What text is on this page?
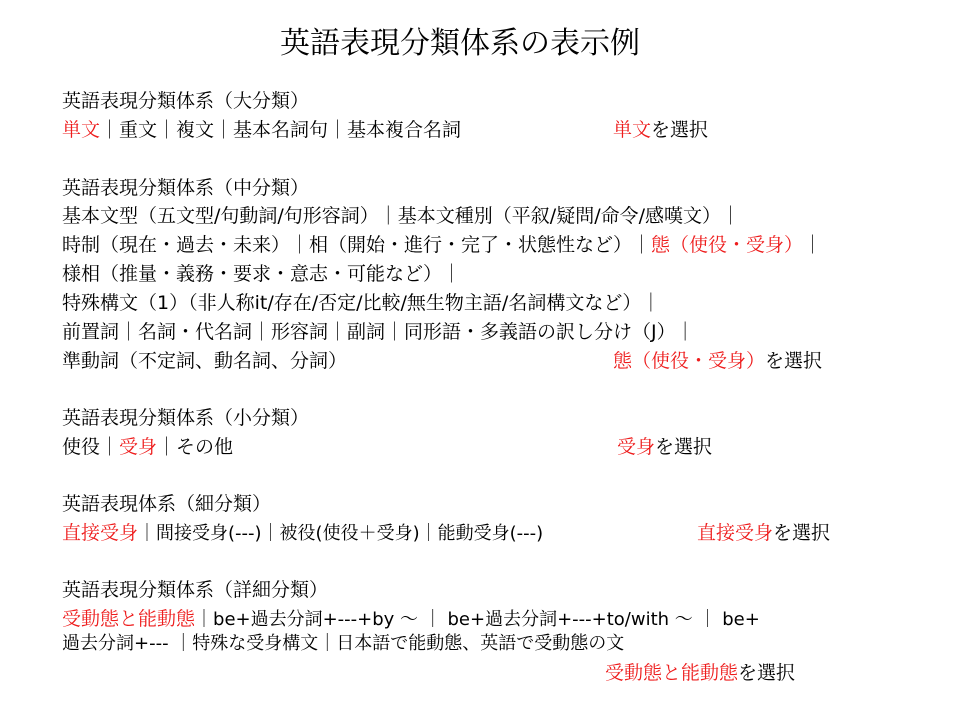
英語表現分類体系の表示例
英語表現分類体系（大分類）
単文｜重文｜複文｜基本名詞句｜基本複合名詞	単文を選択
英語表現分類体系（中分類）
基本文型（五文型/句動詞/句形容詞）｜基本文種別（平叙/疑問/命令/感嘆文）｜
時制（現在・過去・未来）｜相（開始・進行・完了・状態性など）｜態（使役・受身）｜
様相（推量・義務・要求・意志・可能など）｜
特殊構文（1）（非人称it/存在/否定/比較/無生物主語/名詞構文など）｜
前置詞｜名詞・代名詞｜形容詞｜副詞｜同形語・多義語の訳し分け（J）｜
準動詞（不定詞、動名詞、分詞）	態（使役・受身）を選択
英語表現分類体系（小分類）
使役｜受身｜その他	受身を選択
英語表現体系（細分類）
直接受身｜間接受身(---)｜被役(使役＋受身)｜能動受身(---)	直接受身を選択
英語表現分類体系（詳細分類）
受動態と能動態｜be+過去分詞+---+by 〜 ｜ be+過去分詞+---+to/with 〜 ｜ be+
過去分詞+--- ｜特殊な受身構文｜日本語で能動態、英語で受動態の文
受動態と能動態を選択
